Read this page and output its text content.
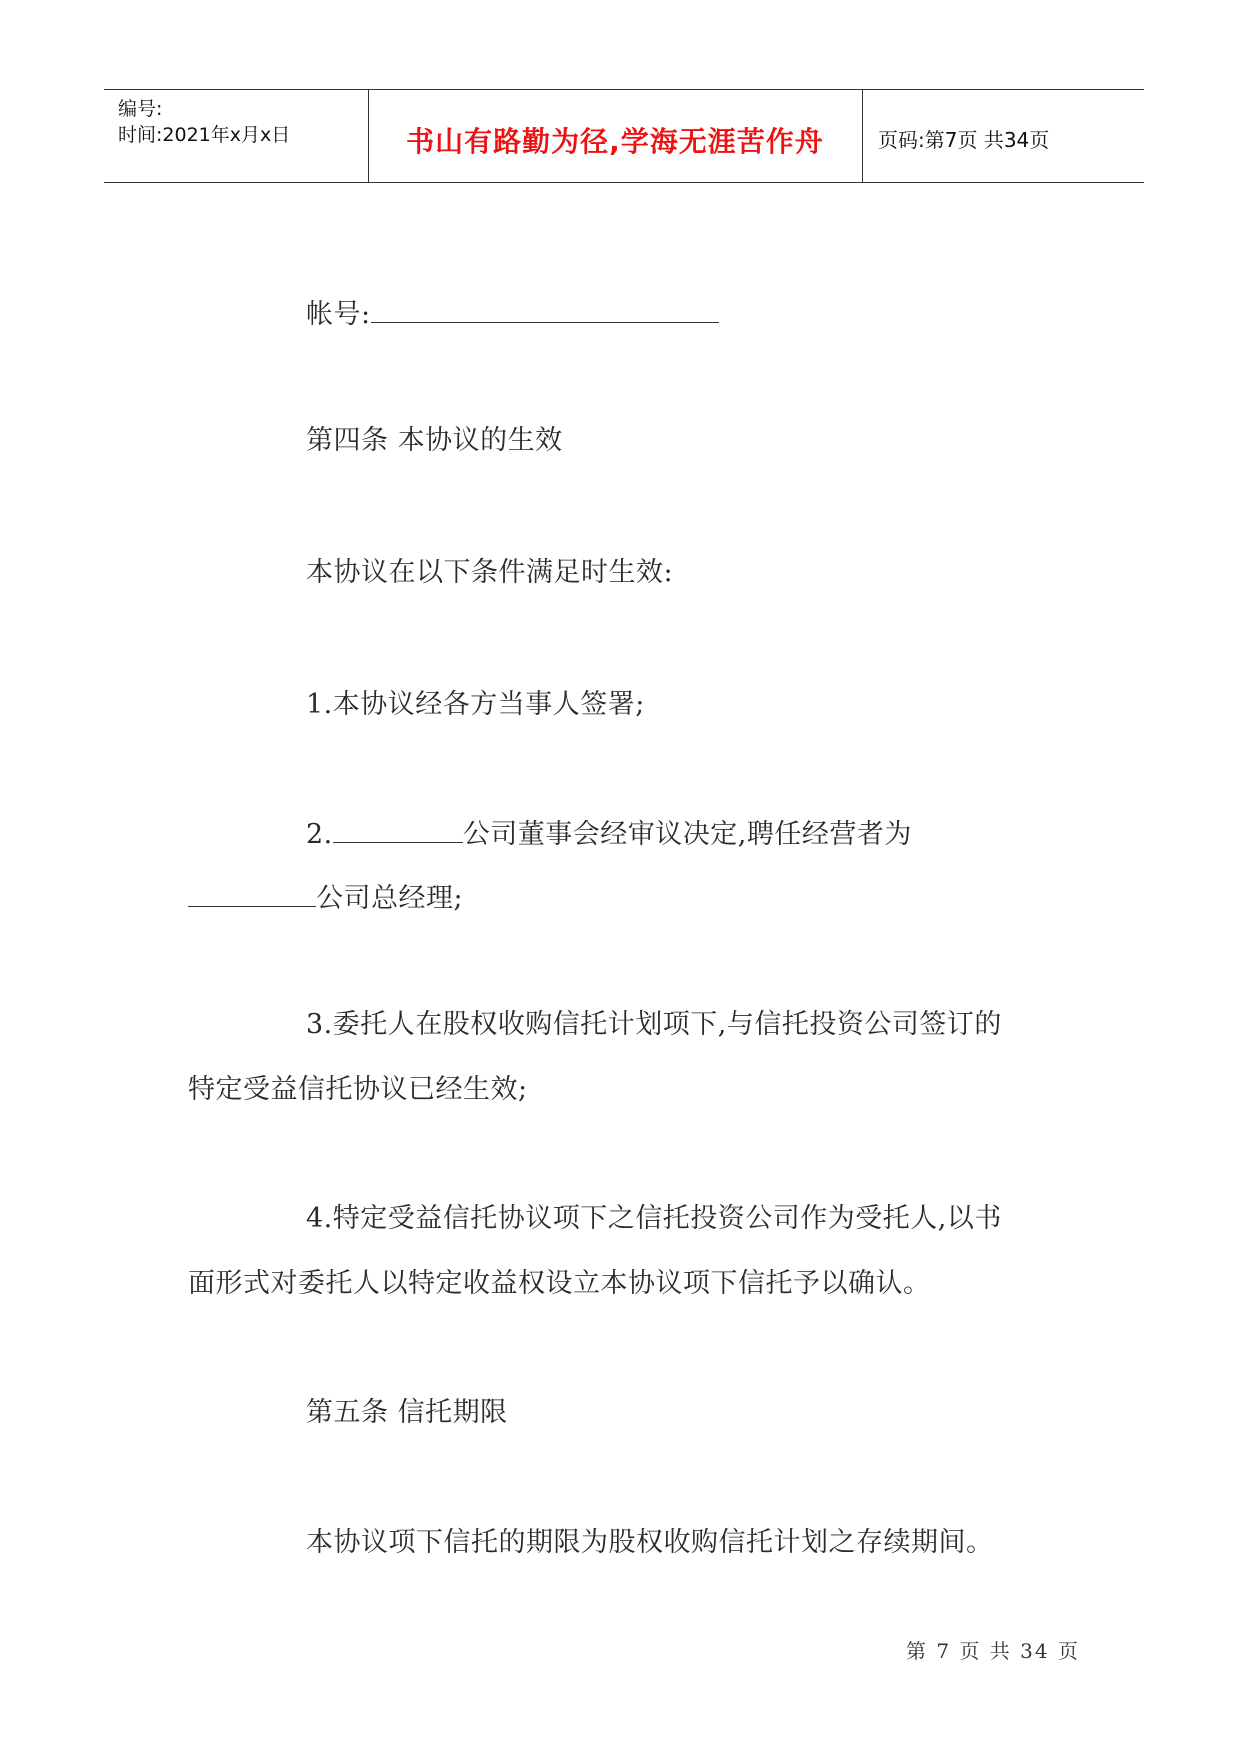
编号:
时间:2021年x月x日	书山有路勤为径,学海无涯苦作舟	页码:第7页 共34页

帐号:

第四条 本协议的生效

本协议在以下条件满足时生效:

1.本协议经各方当事人签署;

2.	公司董事会经审议决定,聘任经营者为

公司总经理;

3.委托人在股权收购信托计划项下,与信托投资公司签订的

特定受益信托协议已经生效;

4.特定受益信托协议项下之信托投资公司作为受托人,以书

面形式对委托人以特定收益权设立本协议项下信托予以确认。

第五条 信托期限

本协议项下信托的期限为股权收购信托计划之存续期间。

第 7 页 共 34 页
